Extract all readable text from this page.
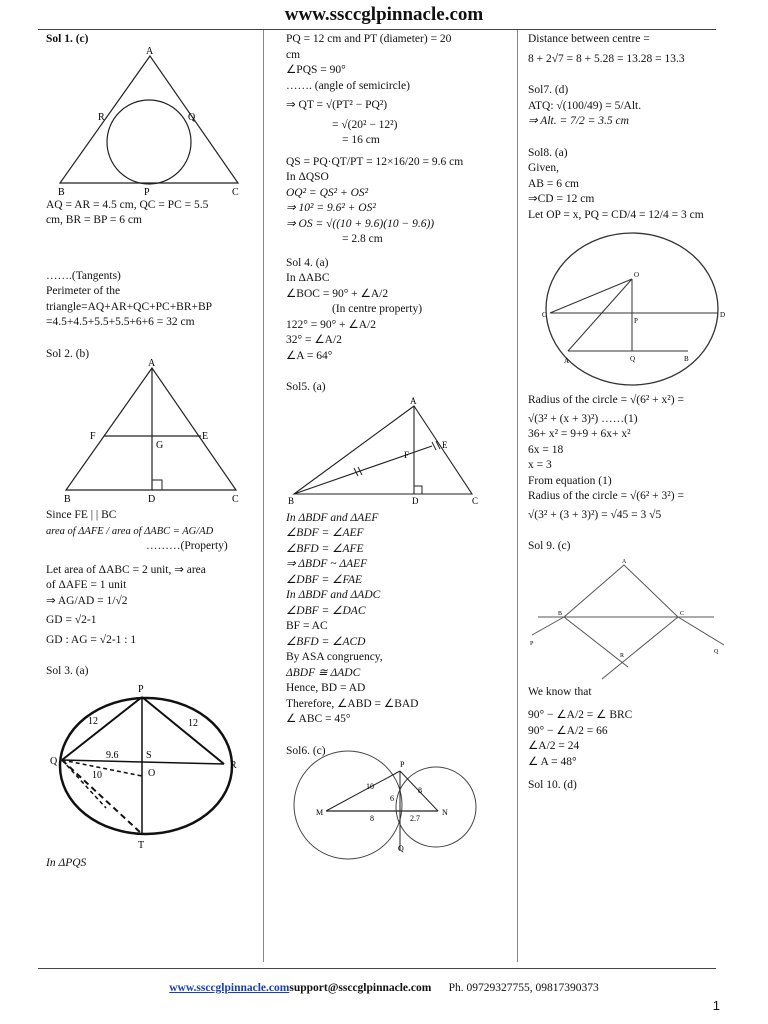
www.ssccglpinnacle.com
Sol 1. (c)
A
R	Q
B	P	C
AQ = AR = 4.5 cm, QC = PC = 5.5
cm, BR = BP = 6 cm
…….(Tangents)
Perimeter of the
triangle=AQ+AR+QC+PC+BR+BP
=4.5+4.5+5.5+5.5+6+6 = 32 cm
Sol 2. (b)
A
F
G
E
B	D	C
Since FE | | BC
area of ΔAFE / area of ΔABC = AG/AD
………(Property)
Let area of ΔABC = 2 unit, ⇒ area
of ΔAFE = 1 unit
⇒ AG/AD = 1/√2
GD = √2-1
GD : AG = √2-1 : 1
Sol 3. (a)
P
12	12
Q
9.6	S
R
10	O
T
In ΔPQS
PQ = 12 cm and PT (diameter) = 20
cm
∠PQS = 90°
……. (angle of semicircle)
⇒ QT = √(PT² − PQ²)
= √(20² − 12²)
= 16 cm
QS = PQ·QT/PT = 12×16/20 = 9.6 cm
In ΔQSO
OQ² = QS² + OS²
⇒ 10² = 9.6² + OS²
⇒ OS = √((10 + 9.6)(10 − 9.6))
= 2.8 cm
Sol 4. (a)
In ΔABC
∠BOC = 90° + ∠A/2
(In centre property)
122° = 90° + ∠A/2
32° = ∠A/2
∠A = 64°
Sol5. (a)
A
F
E
B	D	C
In ΔBDF and ΔAEF
∠BDF = ∠AEF
∠BFD = ∠AFE
⇒ ΔBDF ~ ΔAEF
∠DBF = ∠FAE
In ΔBDF and ΔADC
∠DBF = ∠DAC
BF = AC
∠BFD = ∠ACD
By ASA congruency,
ΔBDF ≅ ΔADC
Hence, BD = AD
Therefore, ∠ABD = ∠BAD
∠ ABC = 45°
Sol6. (c)
P
10
6
8
M
8
N
2.7
Q
Distance between centre =
8 + 2√7 = 8 + 5.28 = 13.28 = 13.3
Sol7. (d)
ATQ: √(100/49) = 5/Alt.
⇒ Alt. = 7/2 = 3.5 cm
Sol8. (a)
Given,
AB = 6 cm
⇒CD = 12 cm
Let OP = x, PQ = CD/4 = 12/4 = 3 cm
O
C
P
D
A	Q	B
Radius of the circle = √(6² + x²) =
√(3² + (x + 3)²) ……(1)
36+ x² = 9+9 + 6x+ x²
6x = 18
x = 3
From equation (1)
Radius of the circle = √(6² + 3²) =
√(3² + (3 + 3)²) = √45 = 3 √5
Sol 9. (c)
A
B	C
P
Q
R
We know that
90° − ∠A/2 = ∠ BRC
90° − ∠A/2 = 66
∠A/2 = 24
∠ A = 48°
Sol 10. (d)
www.ssccglpinnacle.comsupport@ssccglpinnacle.com Ph. 09729327755, 09817390373
1
